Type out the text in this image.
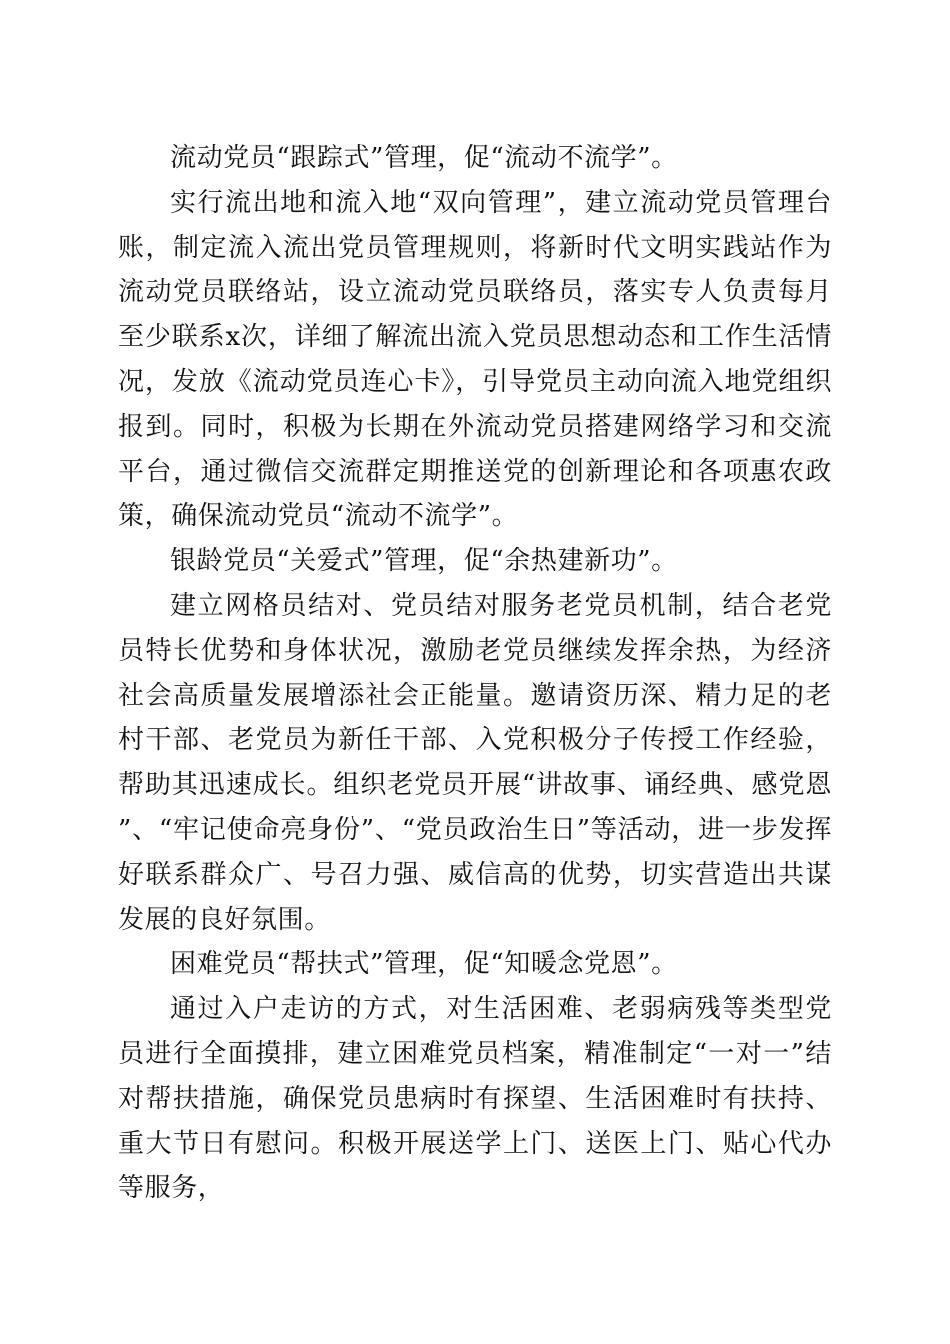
流动党员“跟踪式”管理，促“流动不流学”。

实行流出地和流入地“双向管理”，建立流动党员管理台账，制定流入流出党员管理规则，将新时代文明实践站作为流动党员联络站，设立流动党员联络员，落实专人负责每月至少联系x次，详细了解流出流入党员思想动态和工作生活情况，发放《流动党员连心卡》，引导党员主动向流入地党组织报到。同时，积极为长期在外流动党员搭建网络学习和交流平台，通过微信交流群定期推送党的创新理论和各项惠农政策，确保流动党员“流动不流学”。

银龄党员“关爱式”管理，促“余热建新功”。

建立网格员结对、党员结对服务老党员机制，结合老党员特长优势和身体状况，激励老党员继续发挥余热，为经济社会高质量发展增添社会正能量。邀请资历深、精力足的老村干部、老党员为新任干部、入党积极分子传授工作经验，帮助其迅速成长。组织老党员开展“讲故事、诵经典、感党恩”、“牢记使命亮身份”、“党员政治生日”等活动，进一步发挥好联系群众广、号召力强、威信高的优势，切实营造出共谋发展的良好氛围。

困难党员“帮扶式”管理，促“知暖念党恩”。

通过入户走访的方式，对生活困难、老弱病残等类型党员进行全面摸排，建立困难党员档案，精准制定“一对一”结对帮扶措施，确保党员患病时有探望、生活困难时有扶持、重大节日有慰问。积极开展送学上门、送医上门、贴心代办等服务，
